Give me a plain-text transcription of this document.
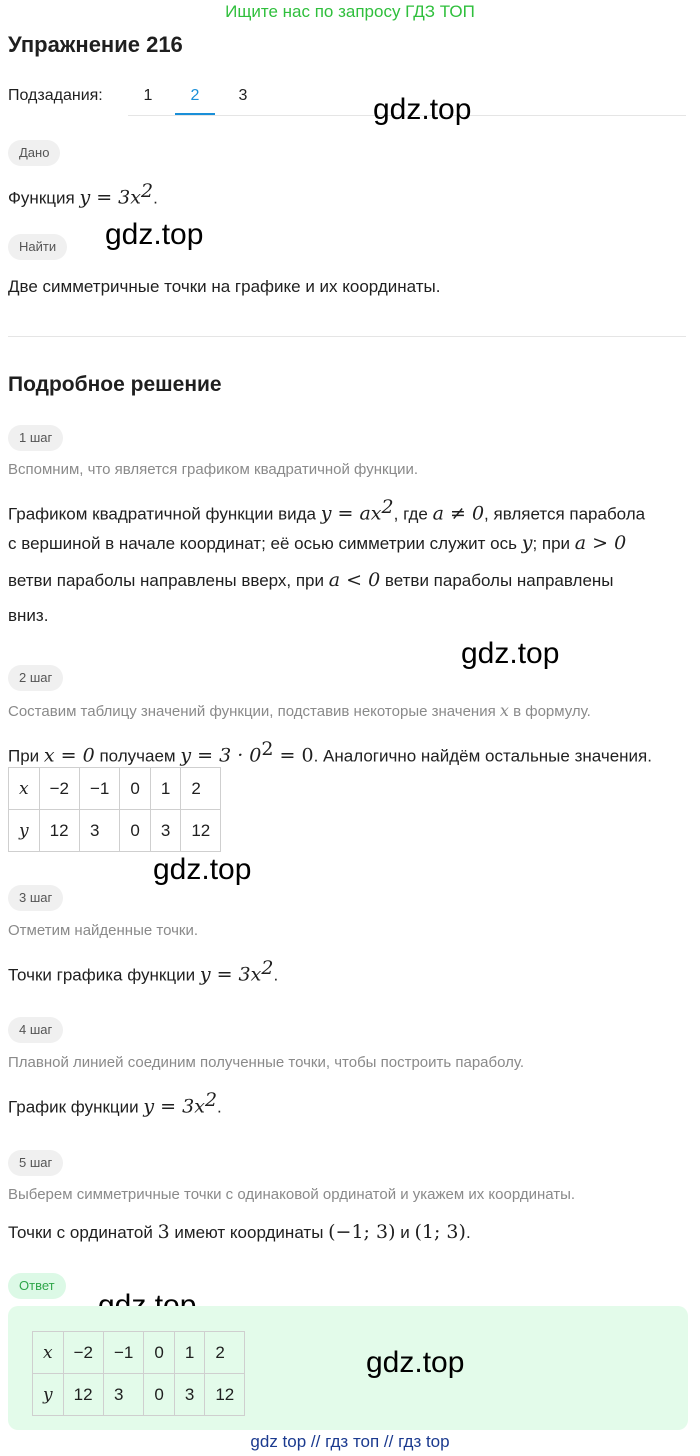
Ищите нас по запросу ГДЗ ТОП
Упражнение 216
Подзадания:	1	2	3	gdz.top
gdz.top
gdz.top
gdz.top
gdz.top
Дано
Функция $y = 3x^2$.
Найти
Две симметричные точки на графике и их координаты.
Подробное решение
1 шаг
Вспомним, что является графиком квадратичной функции.
Графиком квадратичной функции вида $y = ax^2$, где a ≠ 0, является парабола
с вершиной в начале координат; её осью симметрии служит ось y; при a > 0
ветви параболы направлены вверх, при a < 0 ветви параболы направлены
вниз.
2 шаг
Составим таблицу значений функции, подставив некоторые значения x в формулу.
При x = 0 получаем $y = 3 \cdot 0^2 = 0$. Аналогично найдём остальные значения.
x	−2	−1	0	1	2
y	12	3	0	3	12
3 шаг
Отметим найденные точки.
Точки графика функции $y = 3x^2$.
4 шаг
Плавной линией соединим полученные точки, чтобы построить параболу.
График функции $y = 3x^2$.
5 шаг
Выберем симметричные точки с одинаковой ординатой и укажем их координаты.
Точки с ординатой 3 имеют координаты (−1; 3) и (1; 3).
Ответ
x	−2	−1	0	1	2
y	12	3	0	3	12
gdz top // гдз топ // гдз top
